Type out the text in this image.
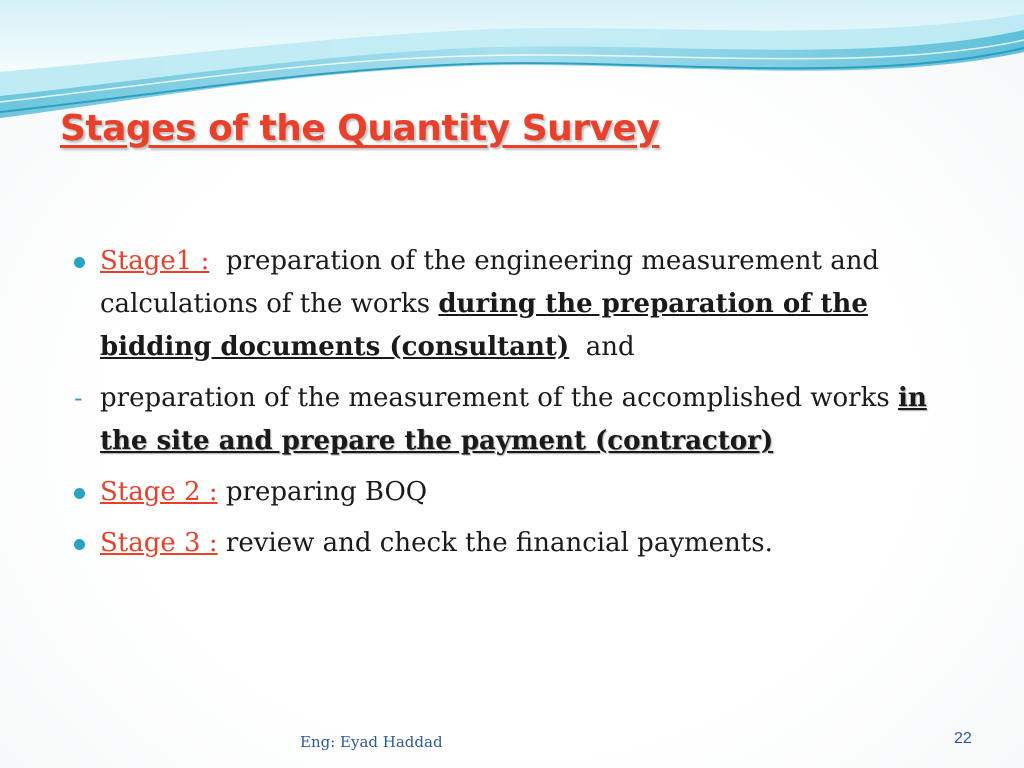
Stages of the Quantity Survey
Stage1 : preparation of the engineering measurement and calculations of the works during the preparation of the bidding documents (consultant) and
- preparation of the measurement of the accomplished works in the site and prepare the payment (contractor)
Stage 2 : preparing BOQ
Stage 3 : review and check the financial payments.
Eng: Eyad Haddad	22
